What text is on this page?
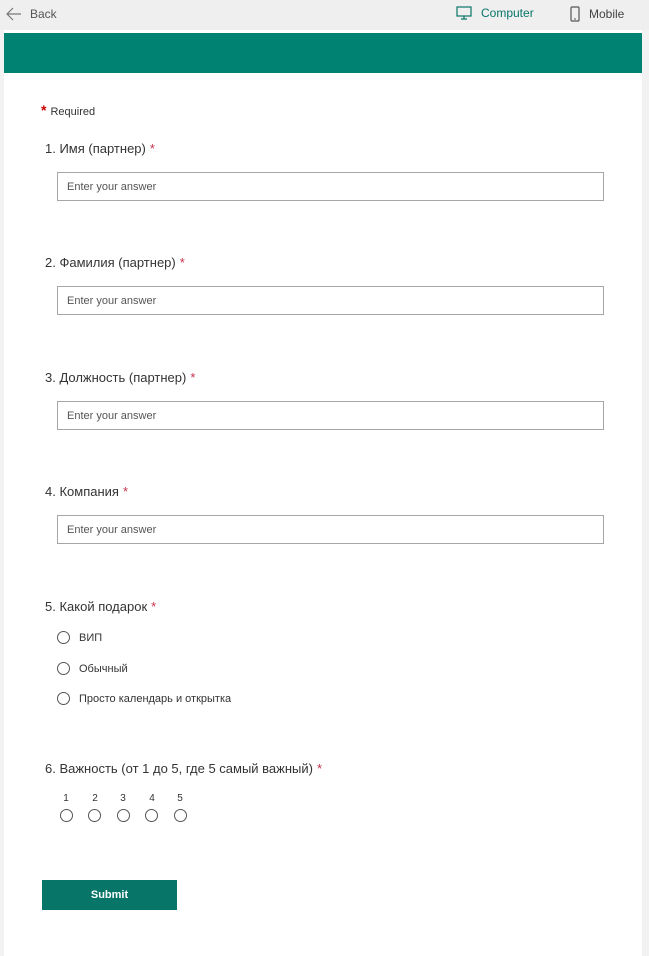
Back	Computer	Mobile
* Required
1. Имя (партнер) *
Enter your answer
2. Фамилия (партнер) *
Enter your answer
3. Должность (партнер) *
Enter your answer
4. Компания *
Enter your answer
5. Какой подарок *
ВИП
Обычный
Просто календарь и открытка
6. Важность (от 1 до 5, где 5 самый важный) *
1	2	3	4	5
Submit
